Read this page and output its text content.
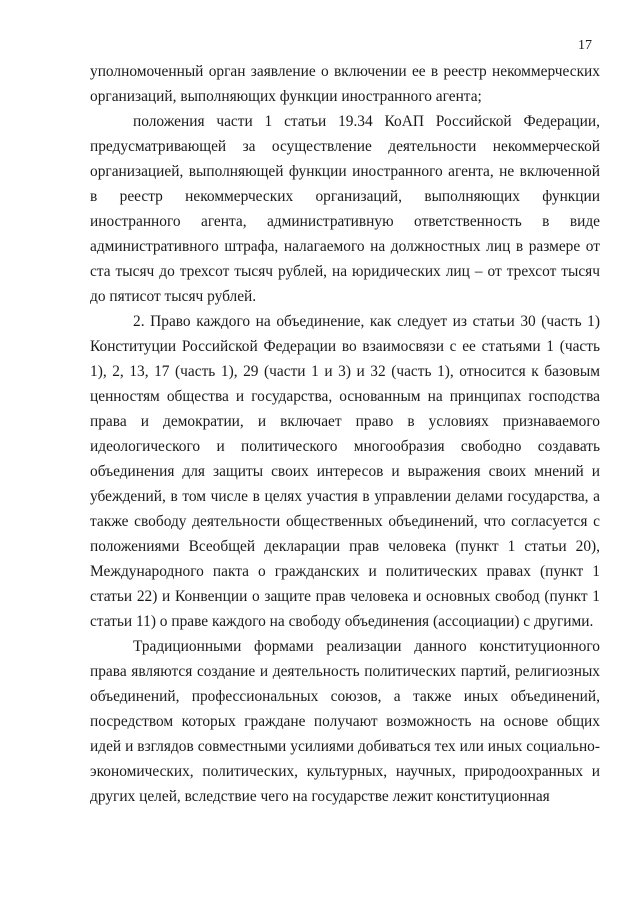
17

уполномоченный орган заявление о включении ее в реестр некоммерческих организаций, выполняющих функции иностранного агента;

положения части 1 статьи 19.34 КоАП Российской Федерации, предусматривающей за осуществление деятельности некоммерческой организацией, выполняющей функции иностранного агента, не включенной в реестр некоммерческих организаций, выполняющих функции иностранного агента, административную ответственность в виде административного штрафа, налагаемого на должностных лиц в размере от ста тысяч до трехсот тысяч рублей, на юридических лиц – от трехсот тысяч до пятисот тысяч рублей.

2. Право каждого на объединение, как следует из статьи 30 (часть 1) Конституции Российской Федерации во взаимосвязи с ее статьями 1 (часть 1), 2, 13, 17 (часть 1), 29 (части 1 и 3) и 32 (часть 1), относится к базовым ценностям общества и государства, основанным на принципах господства права и демократии, и включает право в условиях признаваемого идеологического и политического многообразия свободно создавать объединения для защиты своих интересов и выражения своих мнений и убеждений, в том числе в целях участия в управлении делами государства, а также свободу деятельности общественных объединений, что согласуется с положениями Всеобщей декларации прав человека (пункт 1 статьи 20), Международного пакта о гражданских и политических правах (пункт 1 статьи 22) и Конвенции о защите прав человека и основных свобод (пункт 1 статьи 11) о праве каждого на свободу объединения (ассоциации) с другими.

Традиционными формами реализации данного конституционного права являются создание и деятельность политических партий, религиозных объединений, профессиональных союзов, а также иных объединений, посредством которых граждане получают возможность на основе общих идей и взглядов совместными усилиями добиваться тех или иных социально-экономических, политических, культурных, научных, природоохранных и других целей, вследствие чего на государстве лежит конституционная
